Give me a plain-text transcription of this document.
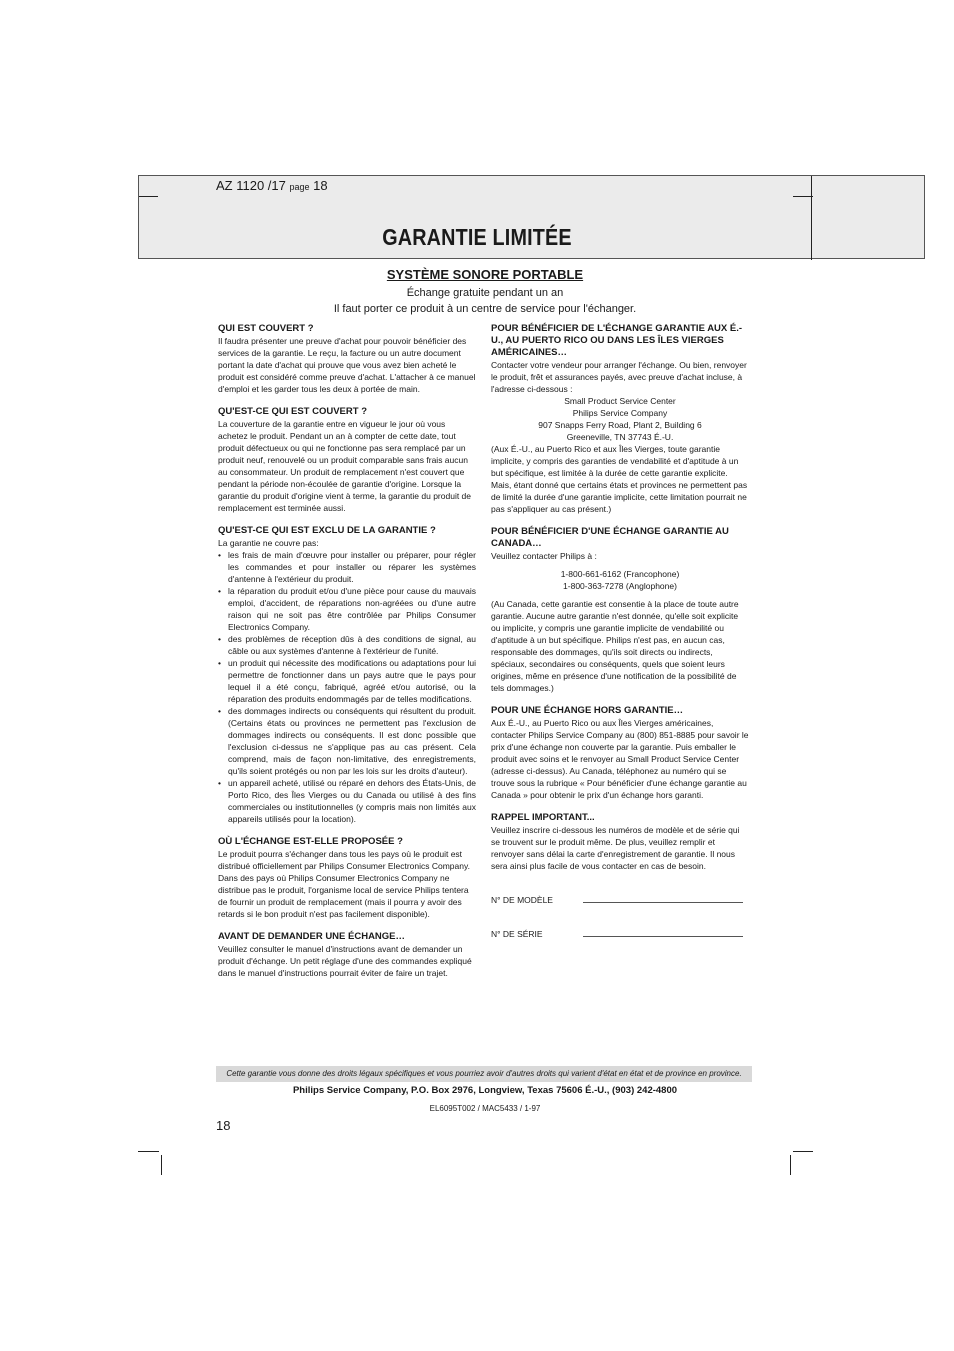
AZ 1120 /17 page 18
GARANTIE LIMITÉE
SYSTÈME SONORE PORTABLE
Échange gratuite pendant un an
Il faut porter ce produit à un centre de service pour l'échanger.
QUI EST COUVERT ?

Il faudra présenter une preuve d'achat pour pouvoir bénéficier des services de la garantie. Le reçu, la facture ou un autre document portant la date d'achat qui prouve que vous avez bien acheté le produit est considéré comme preuve d'achat. L'attacher à ce manuel d'emploi et les garder tous les deux à portée de main.

QU'EST-CE QUI EST COUVERT ?

La couverture de la garantie entre en vigueur le jour où vous achetez le produit. Pendant un an à compter de cette date, tout produit défectueux ou qui ne fonctionne pas sera remplacé par un produit neuf, renouvelé ou un produit comparable sans frais aucun au consommateur. Un produit de remplacement n'est couvert que pendant la période non-écoulée de garantie d'origine. Lorsque la garantie du produit d'origine vient à terme, la garantie du produit de remplacement est terminée aussi.

QU'EST-CE QUI EST EXCLU DE LA GARANTIE ?
La garantie ne couvre pas:
• les frais de main d'œuvre pour installer ou préparer, pour régler les commandes et pour installer ou réparer les systèmes d'antenne à l'extérieur du produit.
• la réparation du produit et/ou d'une pièce pour cause du mauvais emploi, d'accident, de réparations non-agréées ou d'une autre raison qui ne soit pas être contrôlée par Philips Consumer Electronics Company.
• des problèmes de réception dûs à des conditions de signal, au câble ou aux systèmes d'antenne à l'extérieur de l'unité.
• un produit qui nécessite des modifications ou adaptations pour lui permettre de fonctionner dans un pays autre que le pays pour lequel il a été conçu, fabriqué, agréé et/ou autorisé, ou la réparation des produits endommagés par de telles modifications.
• des dommages indirects ou conséquents qui résultent du produit. (Certains états ou provinces ne permettent pas l'exclusion de dommages indirects ou conséquents. Il est donc possible que l'exclusion ci-dessus ne s'applique pas au cas présent. Cela comprend, mais de façon non-limitative, des enregistrements, qu'ils soient protégés ou non par les lois sur les droits d'auteur).
• un appareil acheté, utilisé ou réparé en dehors des États-Unis, de Porto Rico, des Îles Vierges ou du Canada ou utilisé à des fins commerciales ou institutionnelles (y compris mais non limités aux appareils utilisés pour la location).
OÙ L'ÉCHANGE EST-ELLE PROPOSÉE ?

Le produit pourra s'échanger dans tous les pays où le produit est distribué officiellement par Philips Consumer Electronics Company. Dans des pays où Philips Consumer Electronics Company ne distribue pas le produit, l'organisme local de service Philips tentera de fournir un produit de remplacement (mais il pourra y avoir des retards si le bon produit n'est pas facilement disponible).

AVANT DE DEMANDER UNE ÉCHANGE…

Veuillez consulter le manuel d'instructions avant de demander un produit d'échange. Un petit réglage d'une des commandes expliqué dans le manuel d'instructions pourrait éviter de faire un trajet.

POUR BÉNÉFICIER DE L'ÉCHANGE GARANTIE AUX É.-U., AU PUERTO RICO OU DANS LES ÎLES VIERGES AMÉRICAINES…
Contacter votre vendeur pour arranger l'échange. Ou bien, renvoyer le produit, frêt et assurances payés, avec preuve d'achat incluse, à l'adresse ci-dessous :
Small Product Service Center
Philips Service Company
907 Snapps Ferry Road, Plant 2, Building 6
Greeneville, TN 37743 É.-U.

(Aux É.-U., au Puerto Rico et aux Îles Vierges, toute garantie implicite, y compris des garanties de vendabilité et d'aptitude à un but spécifique, est limitée à la durée de cette garantie explicite. Mais, étant donné que certains états et provinces ne permettent pas de limité la durée d'une garantie implicite, cette limitation pourrait ne pas s'appliquer au cas présent.)

POUR BÉNÉFICIER D'UNE ÉCHANGE GARANTIE AU CANADA…
Veuillez contacter Philips à :
1-800-661-6162 (Francophone)
1-800-363-7278 (Anglophone)

(Au Canada, cette garantie est consentie à la place de toute autre garantie. Aucune autre garantie n'est donnée, qu'elle soit explicite ou implicite, y compris une garantie implicite de vendabilité ou d'aptitude à un but spécifique. Philips n'est pas, en aucun cas, responsable des dommages, qu'ils soit directs ou indirects, spéciaux, secondaires ou conséquents, quels que soient leurs origines, même en présence d'une notification de la possibilité de tels dommages.)

POUR UNE ÉCHANGE HORS GARANTIE…

Aux É.-U., au Puerto Rico ou aux Îles Vierges américaines, contacter Philips Service Company au (800) 851-8885 pour savoir le prix d'une échange non couverte par la garantie. Puis emballer le produit avec soins et le renvoyer au Small Product Service Center (adresse ci-dessus). Au Canada, téléphonez au numéro qui se trouve sous la rubrique « Pour bénéficier d'une échange garantie au Canada » pour obtenir le prix d'un échange hors garanti.

RAPPEL IMPORTANT...
Veuillez inscrire ci-dessous les numéros de modèle et de série qui se trouvent sur le produit même. De plus, veuillez remplir et renvoyer sans délai la carte d'enregistrement de garantie. Il nous sera ainsi plus facile de vous contacter en cas de besoin.
N° DE MODÈLE
N° DE SÉRIE
Cette garantie vous donne des droits légaux spécifiques et vous pourriez avoir d'autres droits qui varient d'état en état et de province en province.
Philips Service Company, P.O. Box 2976, Longview, Texas 75606 É.-U., (903) 242-4800
EL6095T002 / MAC5433 / 1-97
18
